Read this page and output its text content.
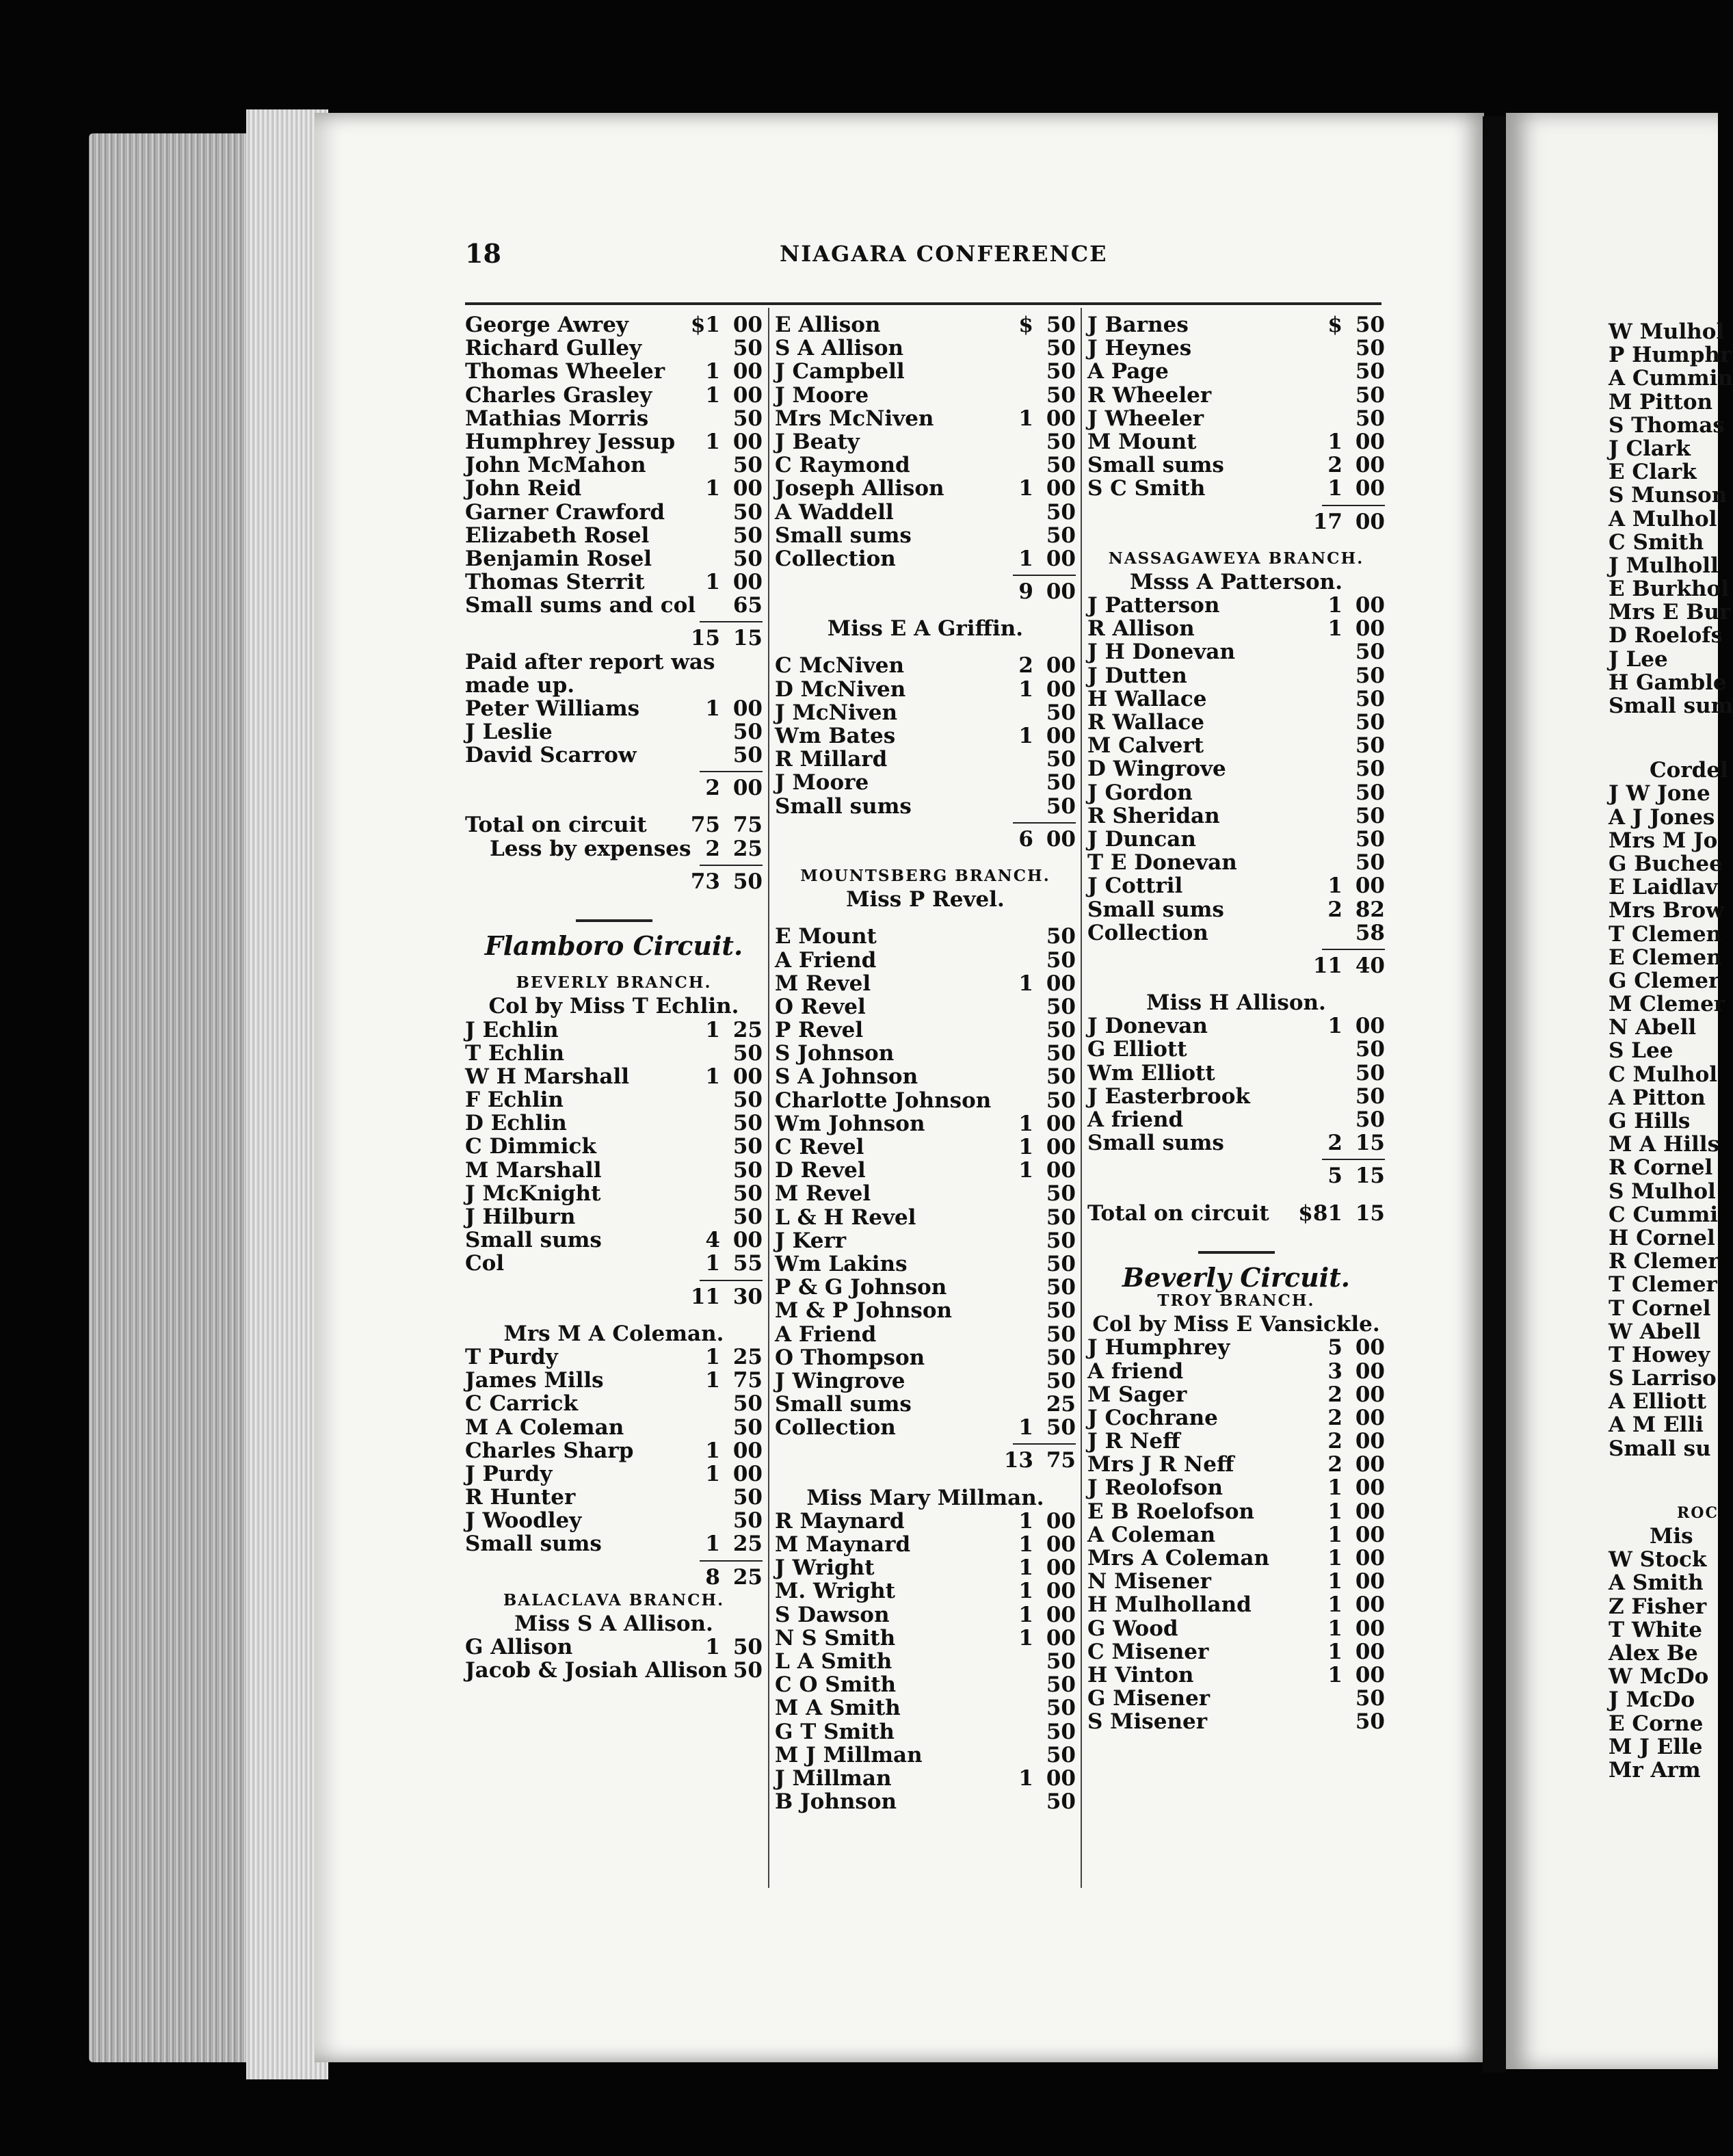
18	NIAGARA CONFERENCE
George Awrey	$1 00
Richard Gulley	50
Thomas Wheeler 1 00
Charles Grasley	1 00
Mathias Morris	50
Humphrey Jessup 1 00
John McMahon	50
John Reid	1 00
Garner Crawford	50
Elizabeth Rosel	50
Benjamin Rosel	50
Thomas Sterrit	1 00
Small sums and col 65
15 15
Paid after report was made up.
Peter Williams	1 00
J Leslie	50
David Scarrow	50
2 00
Total on circuit 75 75
Less by expenses 2 25
73 50
Flamboro Circuit.
BEVERLY BRANCH.
Col by Miss T Echlin.
J Echlin	1 25
T Echlin	50
W H Marshall	1 00
F Echlin	50
D Echlin	50
C Dimmick	50
M Marshall	50
J McKnight	50
J Hilburn	50
Small sums	4 00
Col	1 55
11 30
Mrs M A Coleman.
T Purdy	1 25
James Mills	1 75
C Carrick	50
M A Coleman	50
Charles Sharp	1 00
J Purdy	1 00
R Hunter	50
J Woodley	50
Small sums	1 25
8 25
BALACLAVA BRANCH.
Miss S A Allison.
G Allison	1 50
Jacob & Josiah Allison 50
E Allison	$ 50
S A Allison	50
J Campbell	50
J Moore	50
Mrs McNiven	1 00
J Beaty	50
C Raymond	50
Joseph Allison	1 00
A Waddell	50
Small sums	50
Collection	1 00
9 00
Miss E A Griffin.
C McNiven	2 00
D McNiven	1 00
J McNiven	50
Wm Bates	1 00
R Millard	50
J Moore	50
Small sums	50
6 00
MOUNTSBERG BRANCH.
Miss P Revel.
E Mount	50
A Friend	50
M Revel	1 00
O Revel	50
P Revel	50
S Johnson	50
S A Johnson	50
Charlotte Johnson	50
Wm Johnson	1 00
C Revel	1 00
D Revel	1 00
M Revel	50
L & H Revel	50
J Kerr	50
Wm Lakins	50
P & G Johnson	50
M & P Johnson	50
A Friend	50
O Thompson	50
J Wingrove	50
Small sums	25
Collection	1 50
13 75
Miss Mary Millman.
R Maynard	1 00
M Maynard	1 00
J Wright	1 00
M. Wright	1 00
S Dawson	1 00
N S Smith	1 00
L A Smith	50
C O Smith	50
M A Smith	50
G T Smith	50
M J Millman	50
J Millman	1 00
B Johnson	50
J Barnes	$ 50
J Heynes	50
A Page	50
R Wheeler	50
J Wheeler	50
M Mount	1 00
Small sums	2 00
S C Smith	1 00
17 00
NASSAGAWEYA BRANCH.
Msss A Patterson.
J Patterson	1 00
R Allison	1 00
J H Donevan	50
J Dutten	50
H Wallace	50
R Wallace	50
M Calvert	50
D Wingrove	50
J Gordon	50
R Sheridan	50
J Duncan	50
T E Donevan	50
J Cottril	1 00
Small sums	2 82
Collection	58
11 40
Miss H Allison.
J Donevan	1 00
G Elliott	50
Wm Elliott	50
J Easterbrook	50
A friend	50
Small sums	2 15
5 15
Total on circuit $81 15
Beverly Circuit.
TROY BRANCH.
Col by Miss E Vansickle.
J Humphrey	5 00
A friend	3 00
M Sager	2 00
J Cochrane	2 00
J R Neff	2 00
Mrs J R Neff	2 00
J Reolofson	1 00
E B Roelofson	1 00
A Coleman	1 00
Mrs A Coleman	1 00
N Misener	1 00
H Mulholland	1 00
G Wood	1 00
C Misener	1 00
H Vinton	1 00
G Misener	50
S Misener	50
W Mulhol
P Humphr
A Cummin
M Pitton
S Thomas
J Clark
E Clark
S Munson
A Mulhol
C Smith
J Mulholl
E Burkhol
Mrs E Bur
D Roelofs
J Lee
H Gamble
Small sum
Cordel
J W Jone
A J Jones
Mrs M Jo
G Buchee
E Laidlav
Mrs Brow
T Clemen
E Clemen
G Clemer
M Clemer
N Abell
S Lee
C Mulhol
A Pitton
G Hills
M A Hills
R Cornel
S Mulhol
C Cummi
H Cornel
R Clemer
T Clemer
T Cornel
W Abell
T Howey
S Larriso
A Elliott
A M Elli
Small su
ROC
Mis
W Stock
A Smith
Z Fisher
T White
Alex Be
W McDo
J McDo
E Corne
M J Elle
Mr Arm
